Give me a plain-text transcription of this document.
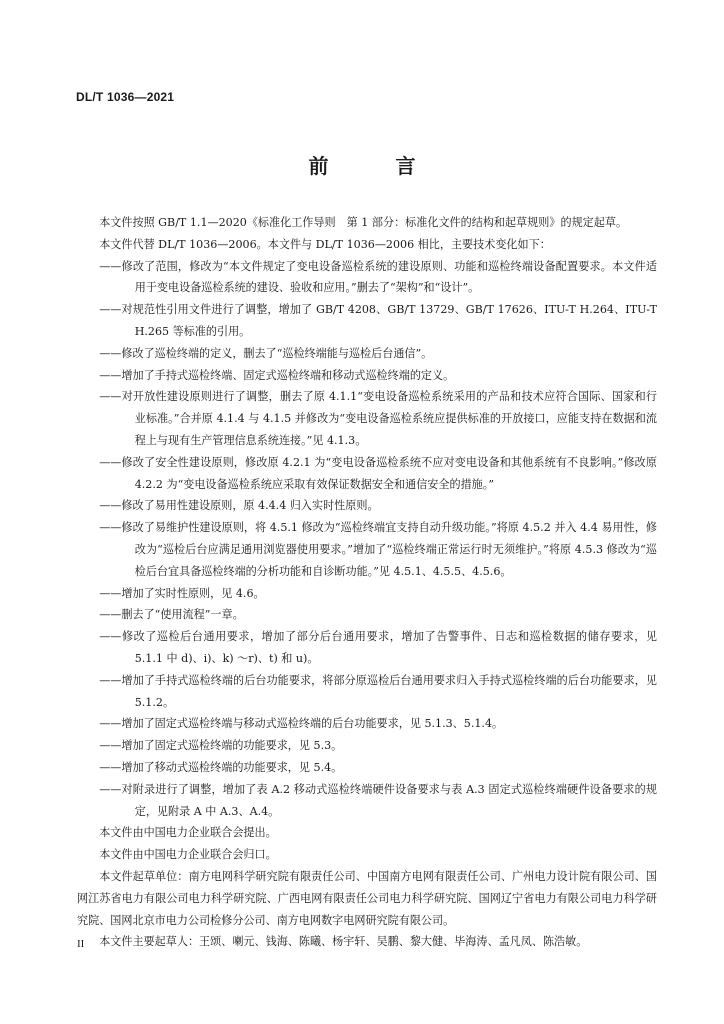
DL/T 1036—2021
前 言

本文件按照 GB/T 1.1—2020《标准化工作导则　第 1 部分：标准化文件的结构和起草规则》的规定起草。

本文件代替 DL/T 1036—2006。本文件与 DL/T 1036—2006 相比，主要技术变化如下：

——修改了范围，修改为“本文件规定了变电设备巡检系统的建设原则、功能和巡检终端设备配置要求。本文件适用于变电设备巡检系统的建设、验收和应用。”删去了“架构”和“设计”。

——对规范性引用文件进行了调整，增加了 GB/T 4208、GB/T 13729、GB/T 17626、ITU-T H.264、ITU-T H.265 等标准的引用。

——修改了巡检终端的定义，删去了“巡检终端能与巡检后台通信”。

——增加了手持式巡检终端、固定式巡检终端和移动式巡检终端的定义。

——对开放性建设原则进行了调整，删去了原 4.1.1“变电设备巡检系统采用的产品和技术应符合国际、国家和行业标准。”合并原 4.1.4 与 4.1.5 并修改为“变电设备巡检系统应提供标准的开放接口，应能支持在数据和流程上与现有生产管理信息系统连接。”见 4.1.3。

——修改了安全性建设原则，修改原 4.2.1 为“变电设备巡检系统不应对变电设备和其他系统有不良影响。”修改原 4.2.2 为“变电设备巡检系统应采取有效保证数据安全和通信安全的措施。”

——修改了易用性建设原则，原 4.4.4 归入实时性原则。

——修改了易维护性建设原则，将 4.5.1 修改为“巡检终端宜支持自动升级功能。”将原 4.5.2 并入 4.4 易用性，修改为“巡检后台应满足通用浏览器使用要求。”增加了“巡检终端正常运行时无须维护。”将原 4.5.3 修改为“巡检后台宜具备巡检终端的分析功能和自诊断功能。”见 4.5.1、4.5.5、4.5.6。

——增加了实时性原则，见 4.6。

——删去了“使用流程”一章。

——修改了巡检后台通用要求，增加了部分后台通用要求，增加了告警事件、日志和巡检数据的储存要求，见 5.1.1 中 d)、i)、k) ～r)、t) 和 u)。

——增加了手持式巡检终端的后台功能要求，将部分原巡检后台通用要求归入手持式巡检终端的后台功能要求，见 5.1.2。

——增加了固定式巡检终端与移动式巡检终端的后台功能要求，见 5.1.3、5.1.4。

——增加了固定式巡检终端的功能要求，见 5.3。

——增加了移动式巡检终端的功能要求，见 5.4。

——对附录进行了调整，增加了表 A.2 移动式巡检终端硬件设备要求与表 A.3 固定式巡检终端硬件设备要求的规定，见附录 A 中 A.3、A.4。

本文件由中国电力企业联合会提出。

本文件由中国电力企业联合会归口。

本文件起草单位：南方电网科学研究院有限责任公司、中国南方电网有限责任公司、广州电力设计院有限公司、国网江苏省电力有限公司电力科学研究院、广西电网有限责任公司电力科学研究院、国网辽宁省电力有限公司电力科学研究院、国网北京市电力公司检修分公司、南方电网数字电网研究院有限公司。

本文件主要起草人：王颂、喇元、钱海、陈曦、杨宇轩、吴鹏、黎大健、毕海涛、孟凡凤、陈浩敏。

II
